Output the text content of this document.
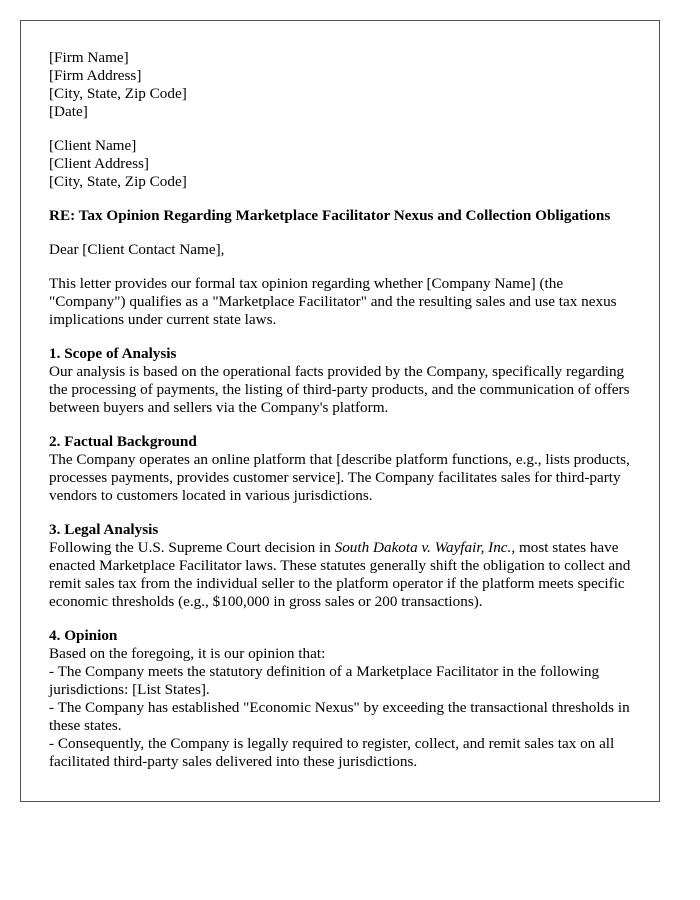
[Firm Name]
[Firm Address]
[City, State, Zip Code]
[Date]
[Client Name]
[Client Address]
[City, State, Zip Code]
RE: Tax Opinion Regarding Marketplace Facilitator Nexus and Collection Obligations
Dear [Client Contact Name],
This letter provides our formal tax opinion regarding whether [Company Name] (the "Company") qualifies as a "Marketplace Facilitator" and the resulting sales and use tax nexus implications under current state laws.
1. Scope of Analysis

Our analysis is based on the operational facts provided by the Company, specifically regarding the processing of payments, the listing of third-party products, and the communication of offers between buyers and sellers via the Company's platform.

2. Factual Background

The Company operates an online platform that [describe platform functions, e.g., lists products, processes payments, provides customer service]. The Company facilitates sales for third-party vendors to customers located in various jurisdictions.

3. Legal Analysis

Following the U.S. Supreme Court decision in South Dakota v. Wayfair, Inc., most states have enacted Marketplace Facilitator laws. These statutes generally shift the obligation to collect and remit sales tax from the individual seller to the platform operator if the platform meets specific economic thresholds (e.g., $100,000 in gross sales or 200 transactions).

4. Opinion

Based on the foregoing, it is our opinion that:

- The Company meets the statutory definition of a Marketplace Facilitator in the following jurisdictions: [List States].
- The Company has established "Economic Nexus" by exceeding the transactional thresholds in these states.
- Consequently, the Company is legally required to register, collect, and remit sales tax on all facilitated third-party sales delivered into these jurisdictions.
